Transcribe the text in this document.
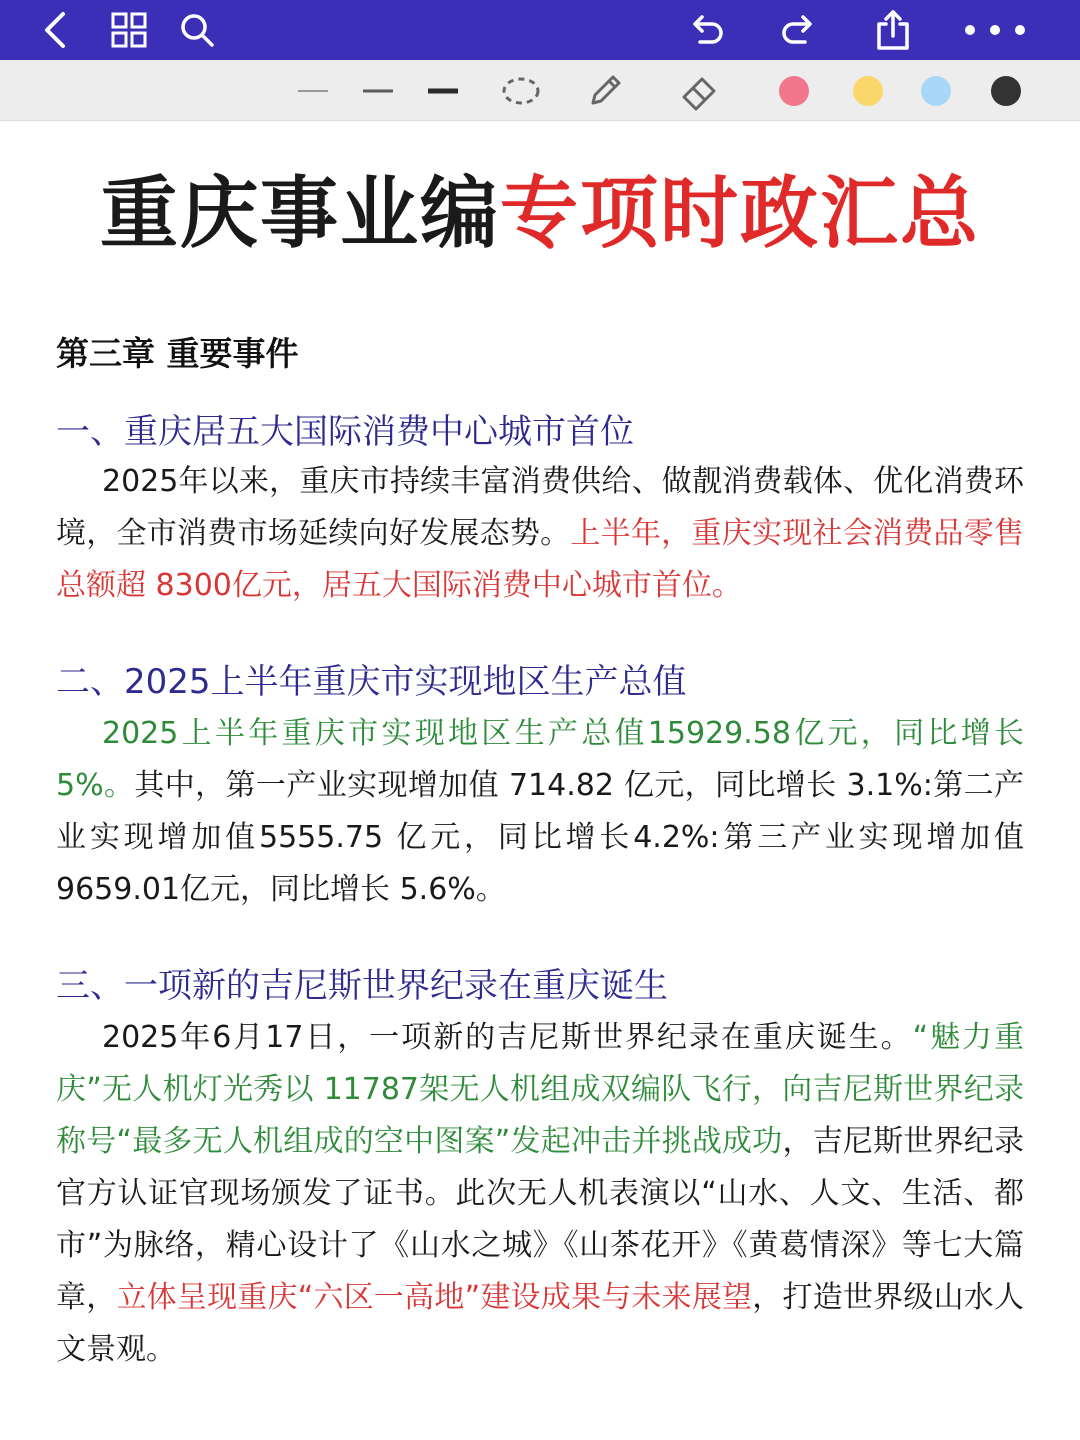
重庆事业编专项时政汇总
第三章 重要事件
一、重庆居五大国际消费中心城市首位
2025年以来，重庆市持续丰富消费供给、做靓消费载体、优化消费环境，全市消费市场延续向好发展态势。上半年，重庆实现社会消费品零售总额超 8300亿元，居五大国际消费中心城市首位。
二、2025上半年重庆市实现地区生产总值
2025上半年重庆市实现地区生产总值15929.58亿元，同比增长5%。其中，第一产业实现增加值 714.82 亿元，同比增长 3.1%:第二产业实现增加值5555.75 亿元，同比增长4.2%:第三产业实现增加值 9659.01亿元，同比增长 5.6%。
三、一项新的吉尼斯世界纪录在重庆诞生
2025年6月17日，一项新的吉尼斯世界纪录在重庆诞生。“魅力重庆”无人机灯光秀以 11787架无人机组成双编队飞行，向吉尼斯世界纪录称号“最多无人机组成的空中图案”发起冲击并挑战成功，吉尼斯世界纪录官方认证官现场颁发了证书。此次无人机表演以“山水、人文、生活、都市”为脉络，精心设计了《山水之城》《山茶花开》《黄葛情深》等七大篇章，立体呈现重庆“六区一高地”建设成果与未来展望，打造世界级山水人文景观。
